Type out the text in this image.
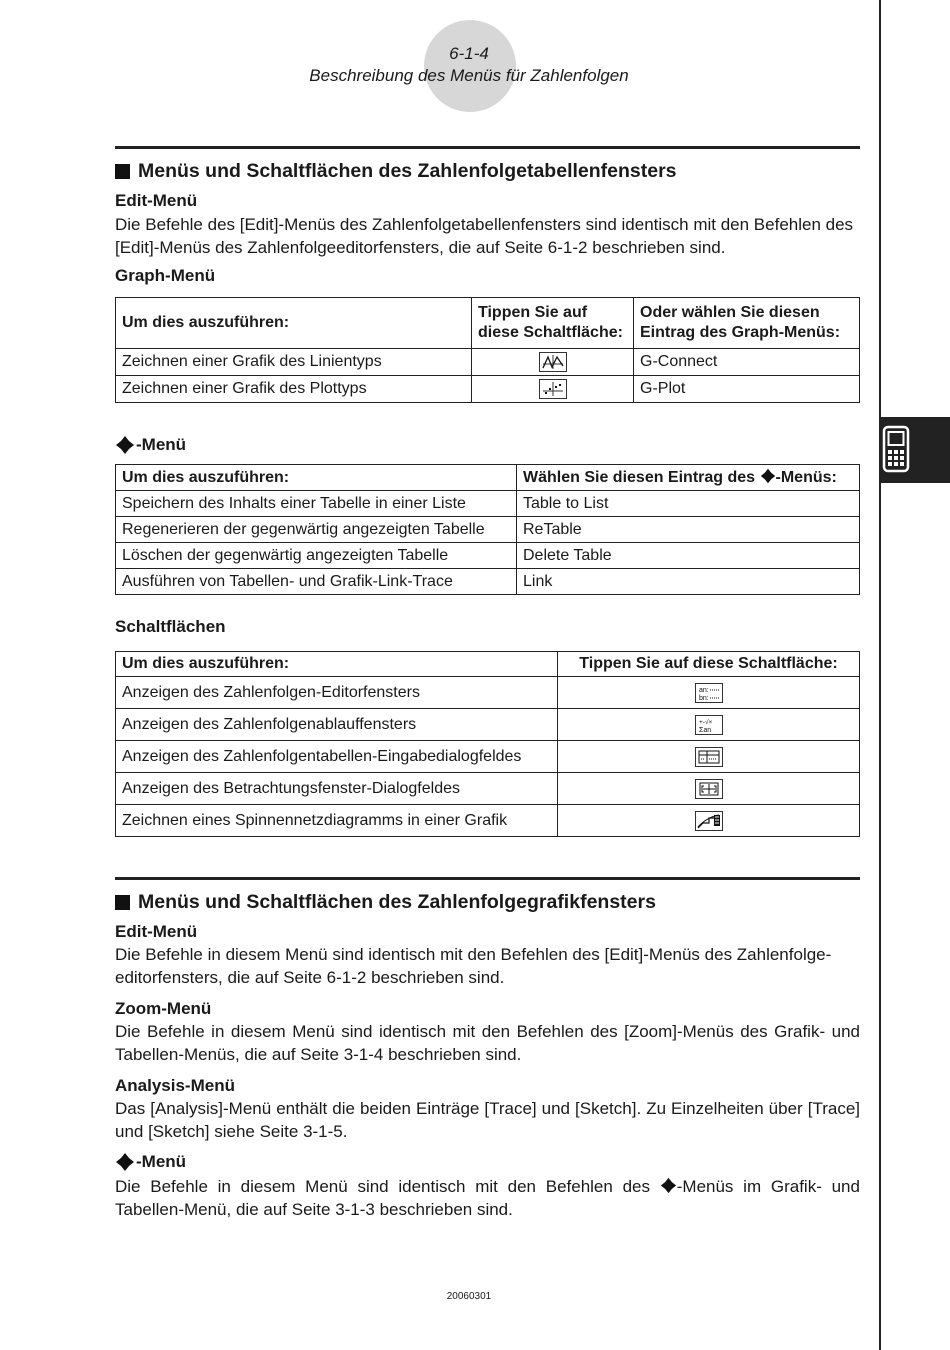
6-1-4
Beschreibung des Menüs für Zahlenfolgen
Menüs und Schaltflächen des Zahlenfolgetabellenfensters
Edit-Menü
Die Befehle des [Edit]-Menüs des Zahlenfolgetabellenfensters sind identisch mit den Befehlen des [Edit]-Menüs des Zahlenfolgeeditorfensters, die auf Seite 6-1-2 beschrieben sind.
Graph-Menü
Um dies auszuführen:	Tippen Sie auf diese Schaltfläche:	Oder wählen Sie diesen Eintrag des Graph-Menüs:
Zeichnen einer Grafik des Linientyps		G-Connect
Zeichnen einer Grafik des Plottyps		G-Plot
-Menü
Um dies auszuführen:	Wählen Sie diesen Eintrag des -Menüs:
Speichern des Inhalts einer Tabelle in einer Liste	Table to List
Regenerieren der gegenwärtig angezeigten Tabelle	ReTable
Löschen der gegenwärtig angezeigten Tabelle	Delete Table
Ausführen von Tabellen- und Grafik-Link-Trace	Link
Schaltflächen
Um dies auszuführen:	Tippen Sie auf diese Schaltfläche:
Anzeigen des Zahlenfolgen-Editorfensters	an:
bn:

Anzeigen des Zahlenfolgenablauffensters	+-√×
Σan

Anzeigen des Zahlenfolgentabellen-Eingabedialogfeldes	
Anzeigen des Betrachtungsfenster-Dialogfeldes	
Zeichnen eines Spinnennetzdiagramms in einer Grafik	
Menüs und Schaltflächen des Zahlenfolgegrafikfensters
Edit-Menü
Die Befehle in diesem Menü sind identisch mit den Befehlen des [Edit]-Menüs des Zahlenfolge-editorfensters, die auf Seite 6-1-2 beschrieben sind.
Zoom-Menü
Die Befehle in diesem Menü sind identisch mit den Befehlen des [Zoom]-Menüs des Grafik- und Tabellen-Menüs, die auf Seite 3-1-4 beschrieben sind.
Analysis-Menü
Das [Analysis]-Menü enthält die beiden Einträge [Trace] und [Sketch]. Zu Einzelheiten über [Trace] und [Sketch] siehe Seite 3-1-5.
-Menü
Die Befehle in diesem Menü sind identisch mit den Befehlen des -Menüs im Grafik- und Tabellen-Menü, die auf Seite 3-1-3 beschrieben sind.
20060301
